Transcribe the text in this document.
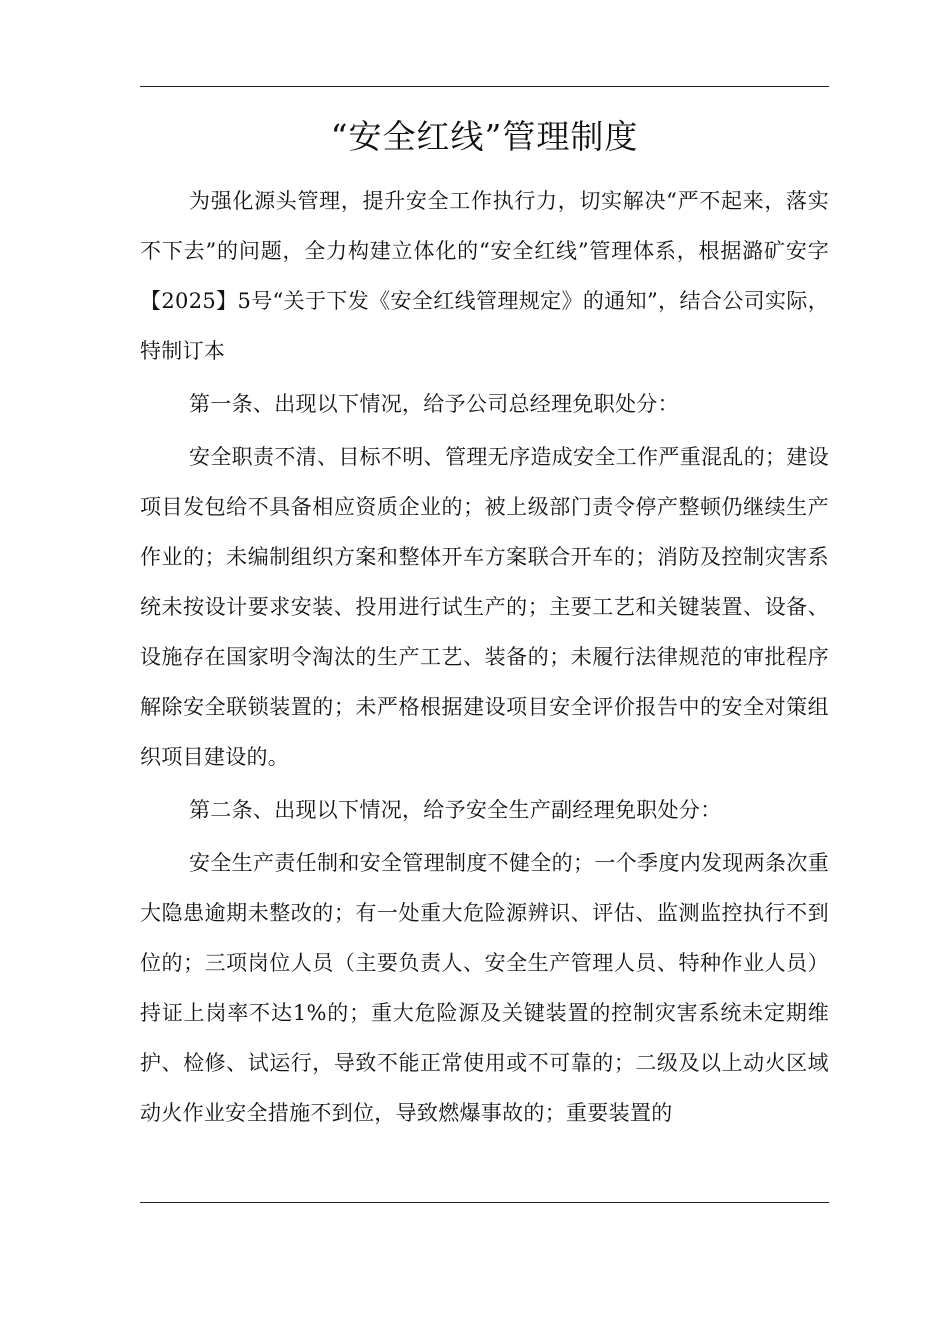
“安全红线”管理制度

为强化源头管理，提升安全工作执行力，切实解决“严不起来，落实不下去”的问题，全力构建立体化的“安全红线”管理体系，根据潞矿安字【2025】5号“关于下发《安全红线管理规定》的通知”，结合公司实际，特制订本

第一条、出现以下情况，给予公司总经理免职处分：

安全职责不清、目标不明、管理无序造成安全工作严重混乱的；建设项目发包给不具备相应资质企业的；被上级部门责令停产整顿仍继续生产作业的；未编制组织方案和整体开车方案联合开车的；消防及控制灾害系统未按设计要求安装、投用进行试生产的；主要工艺和关键装置、设备、设施存在国家明令淘汰的生产工艺、装备的；未履行法律规范的审批程序解除安全联锁装置的；未严格根据建设项目安全评价报告中的安全对策组织项目建设的。

第二条、出现以下情况，给予安全生产副经理免职处分：

安全生产责任制和安全管理制度不健全的；一个季度内发现两条次重大隐患逾期未整改的；有一处重大危险源辨识、评估、监测监控执行不到位的；三项岗位人员（主要负责人、安全生产管理人员、特种作业人员）持证上岗率不达1%的；重大危险源及关键装置的控制灾害系统未定期维护、检修、试运行，导致不能正常使用或不可靠的；二级及以上动火区域动火作业安全措施不到位，导致燃爆事故的；重要装置的
